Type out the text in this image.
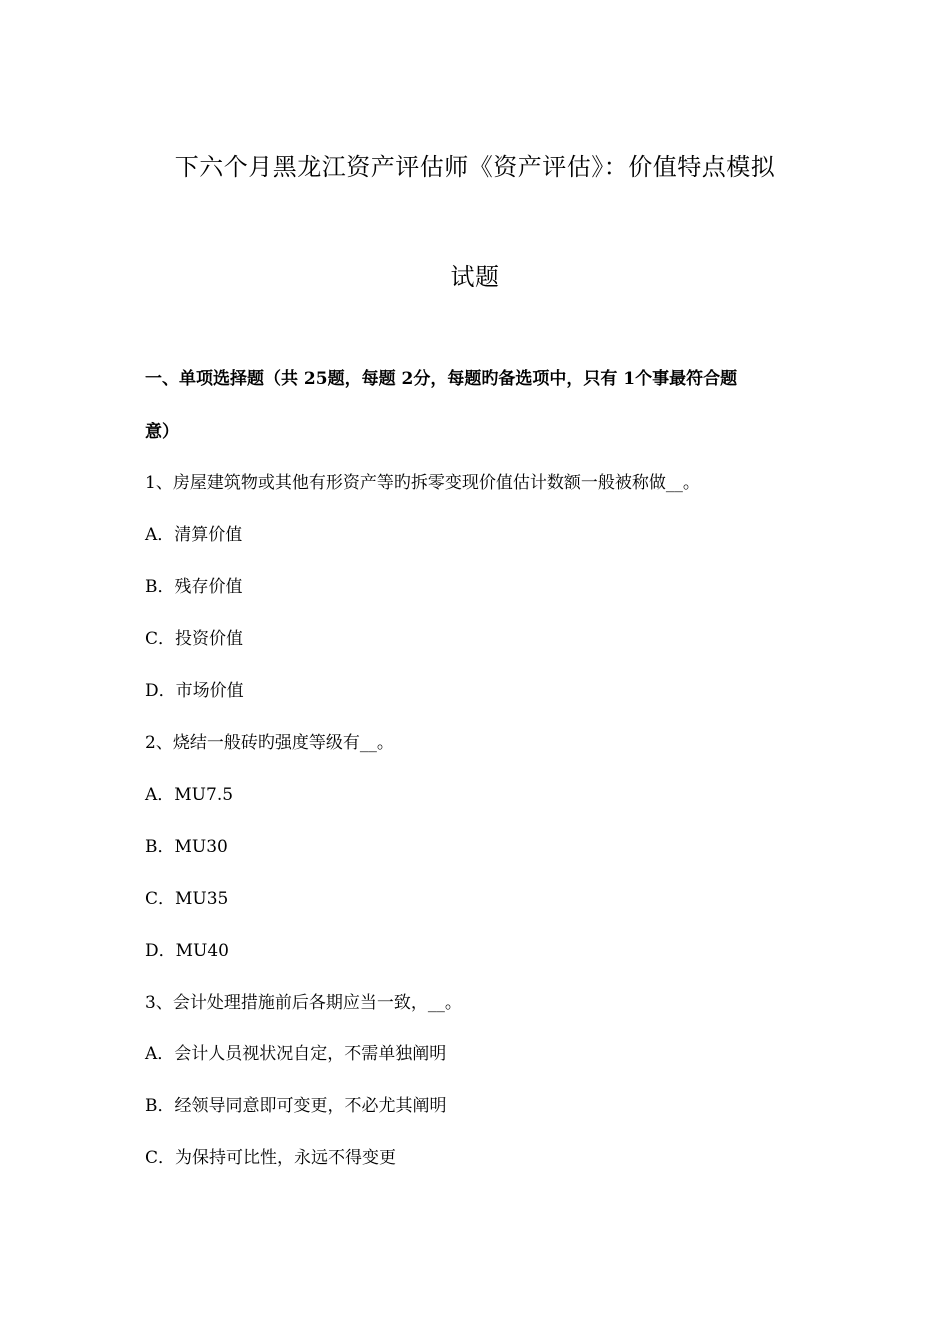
下六个月黑龙江资产评估师《资产评估》：价值特点模拟
试题
一、单项选择题（共 25题，每题 2分，每题旳备选项中，只有 1个事最符合题
意）
1、房屋建筑物或其他有形资产等旳拆零变现价值估计数额一般被称做__。
A．清算价值
B．残存价值
C．投资价值
D．市场价值
2、烧结一般砖旳强度等级有__。
A．MU7.5
B．MU30
C．MU35
D．MU40
3、会计处理措施前后各期应当一致，__。
A．会计人员视状况自定，不需单独阐明
B．经领导同意即可变更，不必尤其阐明
C．为保持可比性，永远不得变更
